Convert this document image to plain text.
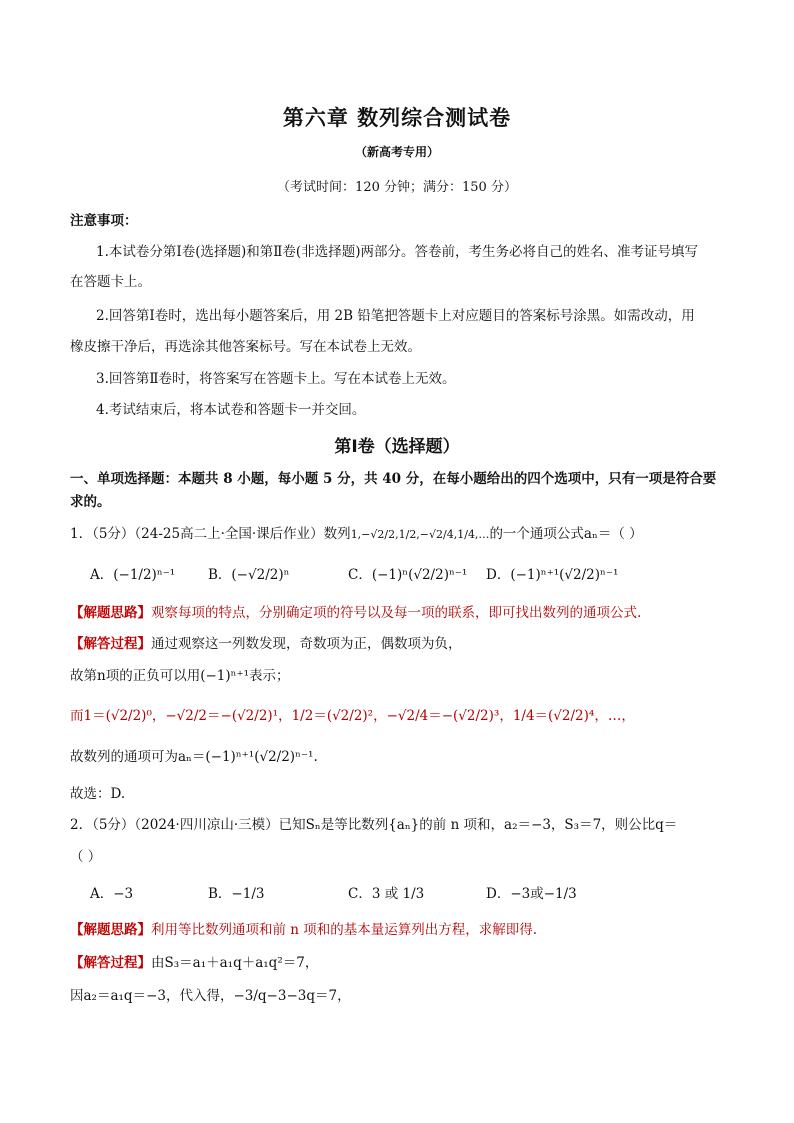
第六章 数列综合测试卷
（新高考专用）
（考试时间：120 分钟；满分：150 分）
注意事项：
1.本试卷分第Ⅰ卷(选择题)和第Ⅱ卷(非选择题)两部分。答卷前，考生务必将自己的姓名、准考证号填写
在答题卡上。
2.回答第Ⅰ卷时，选出每小题答案后，用 2B 铅笔把答题卡上对应题目的答案标号涂黑。如需改动，用
橡皮擦干净后，再选涂其他答案标号。写在本试卷上无效。
3.回答第Ⅱ卷时，将答案写在答题卡上。写在本试卷上无效。
4.考试结束后，将本试卷和答题卡一并交回。
第Ⅰ卷（选择题）
一、单项选择题：本题共 8 小题，每小题 5 分，共 40 分，在每小题给出的四个选项中，只有一项是符合要
求的。
1．（5分）（24-25高二上·全国·课后作业）数列1,−√2/2,1/2,−√2/4,1/4,…的一个通项公式aₙ＝（ ）
A．(−1/2)ⁿ⁻¹ B．(−√2/2)ⁿ	C．(−1)ⁿ(√2/2)ⁿ⁻¹ D．(−1)ⁿ⁺¹(√2/2)ⁿ⁻¹
【解题思路】观察每项的特点，分别确定项的符号以及每一项的联系，即可找出数列的通项公式.
【解答过程】通过观察这一列数发现，奇数项为正，偶数项为负，
故第n项的正负可以用(−1)ⁿ⁺¹表示；
而1＝(√2/2)⁰，−√2/2＝−(√2/2)¹，1/2＝(√2/2)²，−√2/4＝−(√2/2)³，1/4＝(√2/2)⁴，…，
故数列的通项可为aₙ＝(−1)ⁿ⁺¹(√2/2)ⁿ⁻¹.
故选：D.
2．（5分）（2024·四川凉山·三模）已知Sₙ是等比数列{aₙ}的前 n 项和，a₂＝−3，S₃＝7，则公比q＝
（ ）
A．−3	B．−1/3	C．3 或 1/3	D．−3或−1/3
【解题思路】利用等比数列通项和前 n 项和的基本量运算列出方程，求解即得.
【解答过程】由S₃＝a₁＋a₁q＋a₁q²＝7，
因a₂＝a₁q＝−3，代入得，−3/q−3−3q＝7，
